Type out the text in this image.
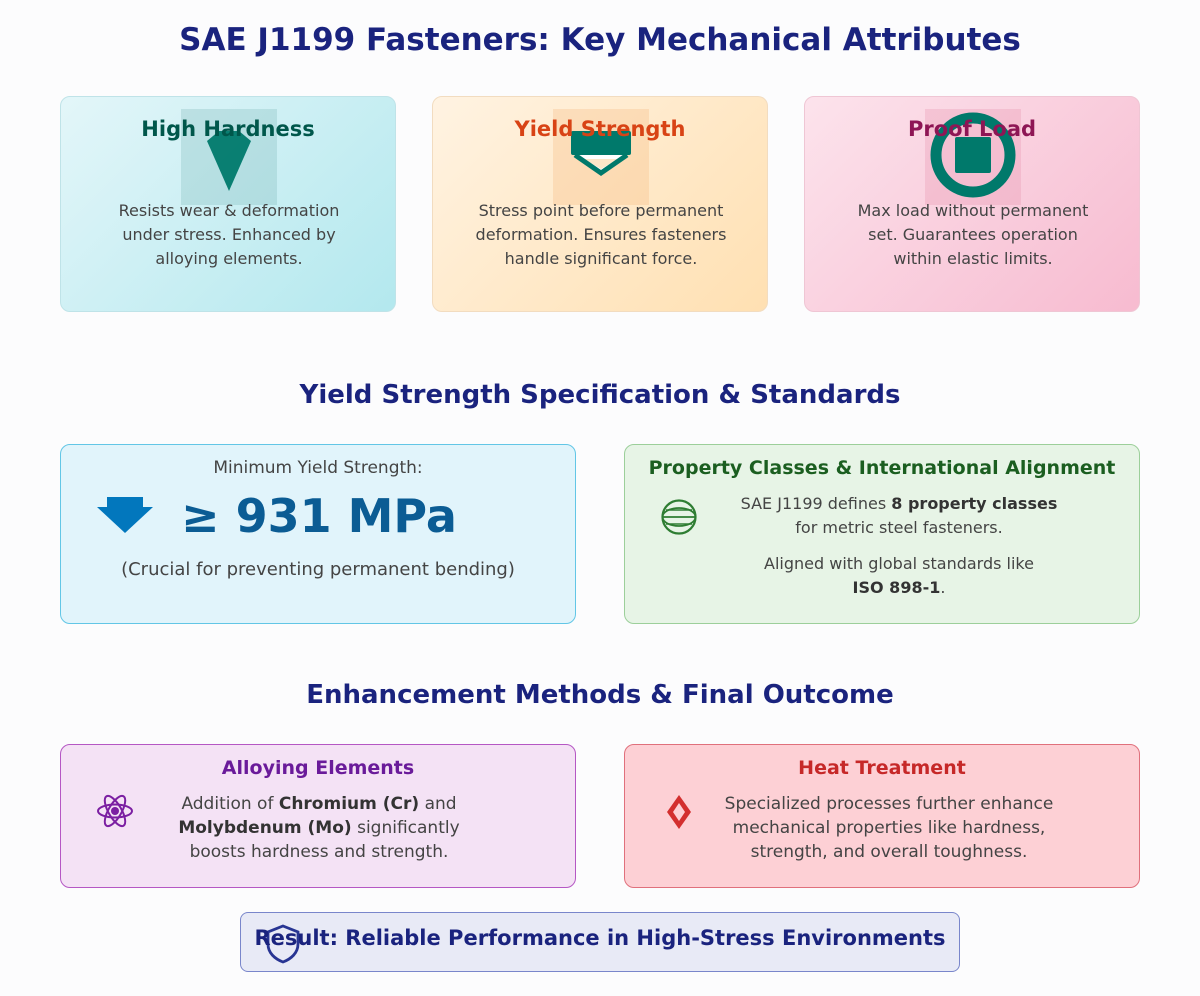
SAE J1199 Fasteners: Key Mechanical Attributes
High Hardness
Resists wear & deformation under stress. Enhanced by alloying elements.
Yield Strength
Stress point before permanent deformation. Ensures fasteners handle significant force.
Proof Load
Max load without permanent set. Guarantees operation within elastic limits.
Yield Strength Specification & Standards
Minimum Yield Strength:
≥ 931 MPa
(Crucial for preventing permanent bending)
Property Classes & International Alignment
SAE J1199 defines 8 property classes
for metric steel fasteners.
Aligned with global standards like
ISO 898-1.
Enhancement Methods & Final Outcome
Alloying Elements
Addition of Chromium (Cr) and
Molybdenum (Mo) significantly boosts hardness and strength.
Heat Treatment
Specialized processes further enhance mechanical properties like hardness, strength, and overall toughness.
Result: Reliable Performance in High-Stress Environments
